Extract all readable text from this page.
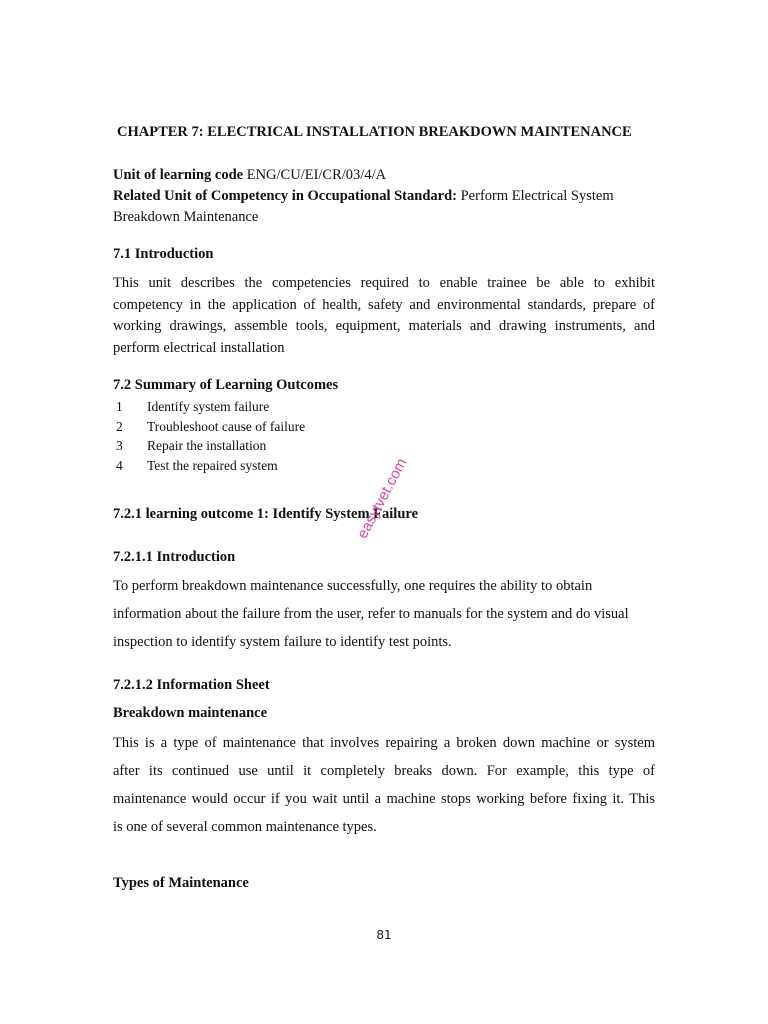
CHAPTER 7: ELECTRICAL INSTALLATION BREAKDOWN MAINTENANCE
Unit of learning code ENG/CU/EI/CR/03/4/A
Related Unit of Competency in Occupational Standard: Perform Electrical System
Breakdown Maintenance
7.1 Introduction
This unit describes the competencies required to enable trainee be able to exhibit
competency in the application of health, safety and environmental standards, prepare of
working drawings, assemble tools, equipment, materials and drawing instruments, and
perform electrical installation
7.2 Summary of Learning Outcomes
1 Identify system failure
2 Troubleshoot cause of failure
3 Repair the installation
4 Test the repaired system
7.2.1 learning outcome 1: Identify System Failure
easytvet.com
7.2.1.1 Introduction
To perform breakdown maintenance successfully, one requires the ability to obtain
information about the failure from the user, refer to manuals for the system and do visual
inspection to identify system failure to identify test points.
7.2.1.2 Information Sheet
Breakdown maintenance
This is a type of maintenance that involves repairing a broken down machine or system
after its continued use until it completely breaks down. For example, this type of
maintenance would occur if you wait until a machine stops working before fixing it. This
is one of several common maintenance types.
Types of Maintenance
81
